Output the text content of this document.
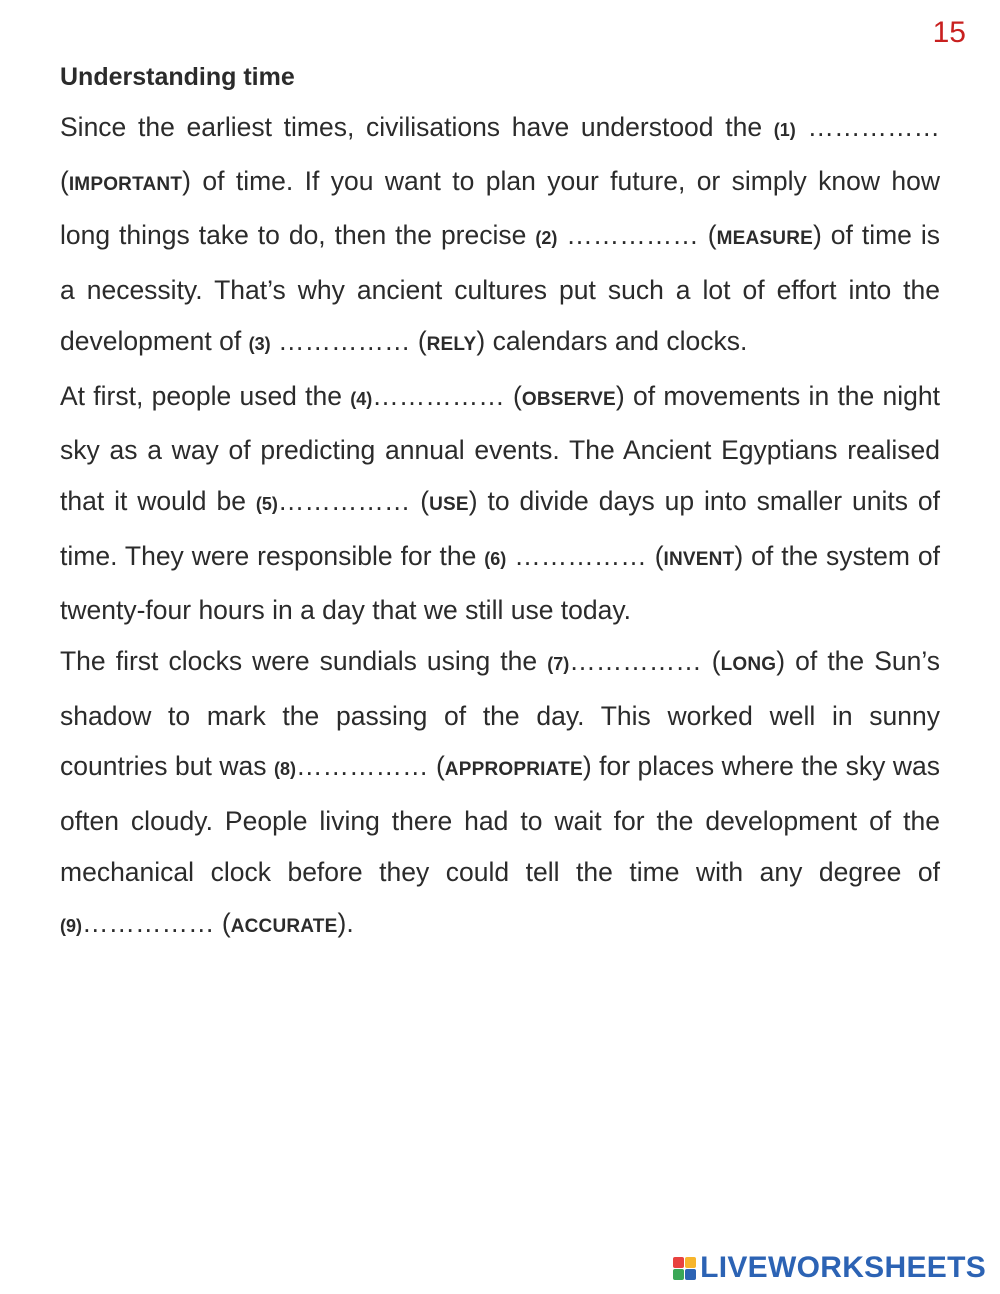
15
Understanding time

Since the earliest times, civilisations have understood the (1) …………… (IMPORTANT) of time. If you want to plan your future, or simply know how long things take to do, then the precise (2) …………… (MEASURE) of time is a necessity. That’s why ancient cultures put such a lot of effort into the development of (3) …………… (RELY) calendars and clocks.

At first, people used the (4)…………… (OBSERVE) of movements in the night sky as a way of predicting annual events. The Ancient Egyptians realised that it would be (5)…………… (USE) to divide days up into smaller units of time. They were responsible for the (6) …………… (INVENT) of the system of twenty-four hours in a day that we still use today.

The first clocks were sundials using the (7)…………… (LONG) of the Sun’s shadow to mark the passing of the day. This worked well in sunny countries but was (8)…………… (APPROPRIATE) for places where the sky was often cloudy. People living there had to wait for the development of the mechanical clock before they could tell the time with any degree of (9)…………… (ACCURATE).

LIVEWORKSHEETS
